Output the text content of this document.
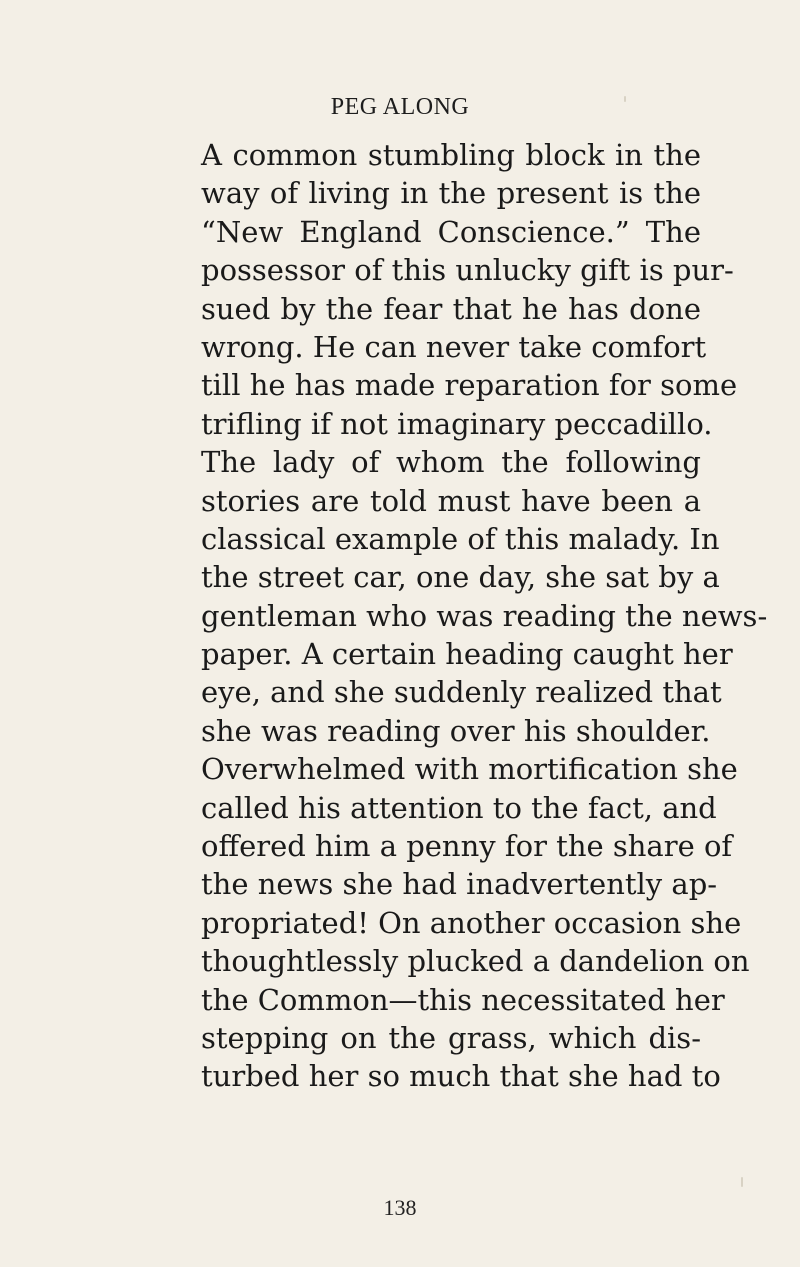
PEG ALONG
A common stumbling block in the
way of living in the present is the
“New England Conscience.” The
possessor of this unlucky gift is pur-
sued by the fear that he has done
wrong. He can never take comfort
till he has made reparation for some
trifling if not imaginary peccadillo.
The lady of whom the following
stories are told must have been a
classical example of this malady. In
the street car, one day, she sat by a
gentleman who was reading the news-
paper. A certain heading caught her
eye, and she suddenly realized that
she was reading over his shoulder.
Overwhelmed with mortification she
called his attention to the fact, and
offered him a penny for the share of
the news she had inadvertently ap-
propriated! On another occasion she
thoughtlessly plucked a dandelion on
the Common—this necessitated her
stepping on the grass, which dis-
turbed her so much that she had to
138
